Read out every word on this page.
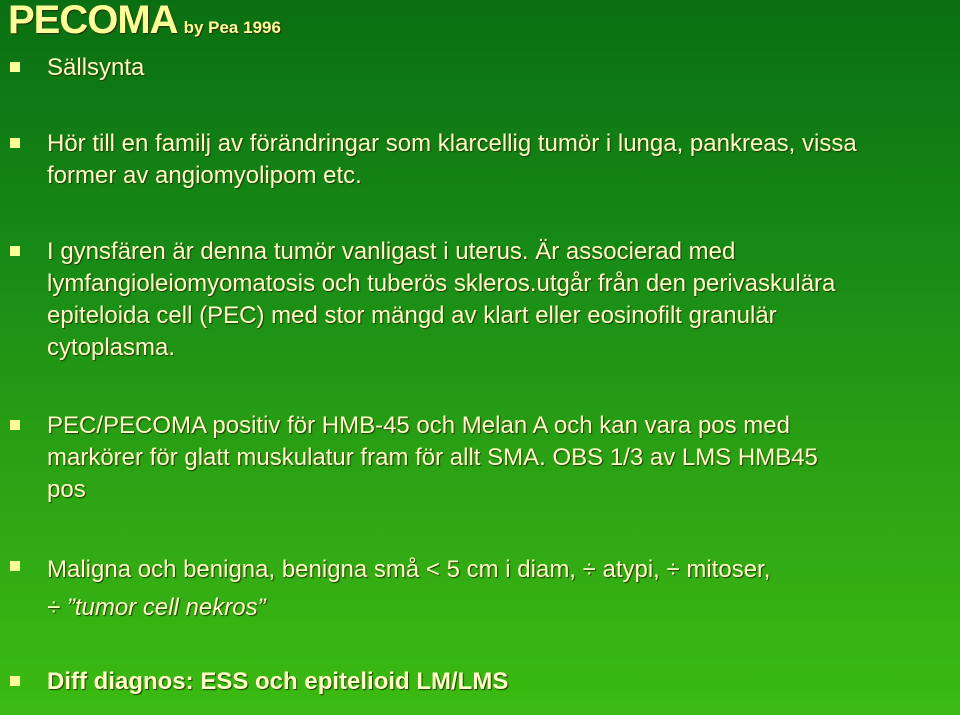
PECOMA by Pea 1996
Sällsynta
Hör till en familj av förändringar som klarcellig tumör i lunga, pankreas, vissa
former av angiomyolipom etc.
I gynsfären är denna tumör vanligast i uterus. Är associerad med
lymfangioleiomyomatosis och tuberös skleros.utgår från den perivaskulära
epiteloida cell (PEC) med stor mängd av klart eller eosinofilt granulär
cytoplasma.
PEC/PECOMA positiv för HMB-45 och Melan A och kan vara pos med
markörer för glatt muskulatur fram för allt SMA. OBS 1/3 av LMS HMB45
pos
Maligna och benigna, benigna små < 5 cm i diam, ÷ atypi, ÷ mitoser,
÷ ”tumor cell nekros”
Diff diagnos: ESS och epitelioid LM/LMS
